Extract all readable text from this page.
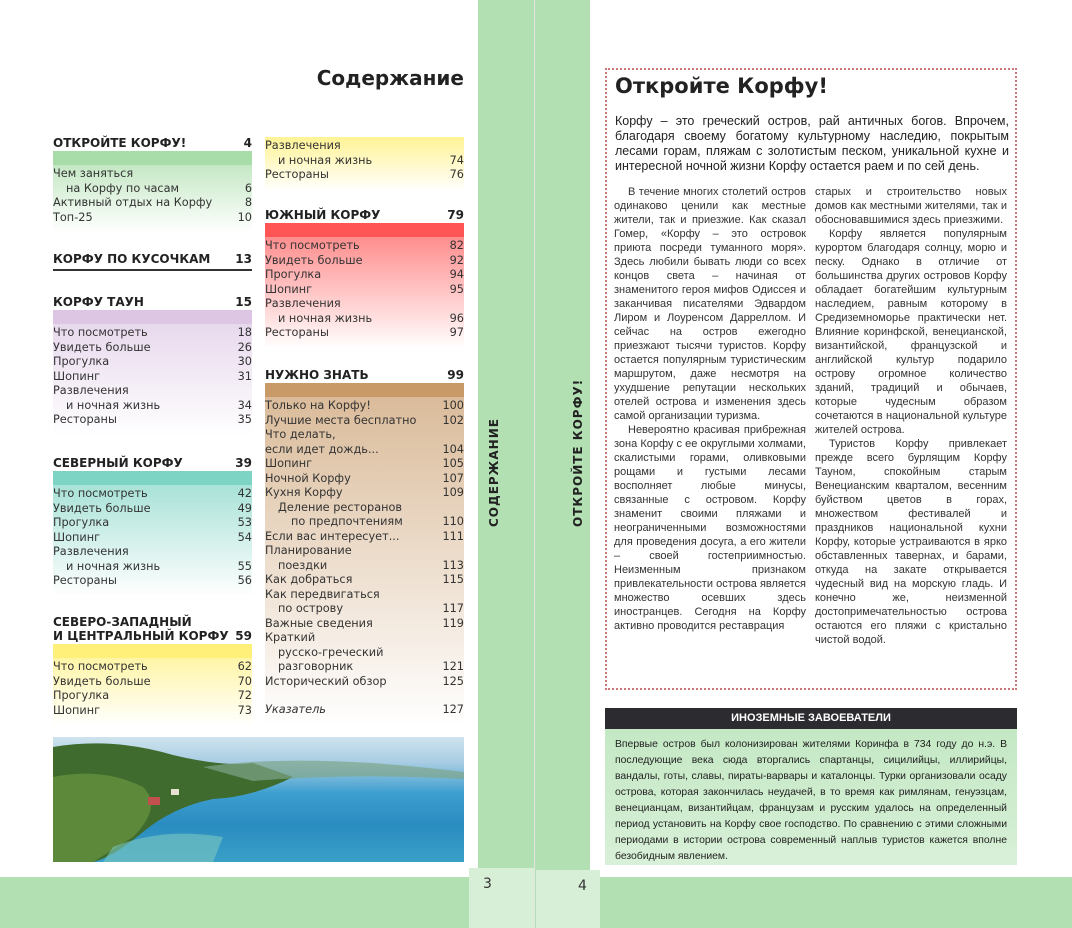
3	4
СОДЕРЖАНИЕ	ОТКРОЙТЕ КОРФУ!
Содержание
ОТКРОЙТЕ КОРФУ!	4
Чем заняться
на Корфу по часам	6
Активный отдых на Корфу	8
Топ-25	10
КОРФУ ПО КУСОЧКАМ 13
КОРФУ ТАУН	15
Что посмотреть	18
Увидеть больше	26
Прогулка	30
Шопинг	31
Развлечения
и ночная жизнь	34
Рестораны	35
СЕВЕРНЫЙ КОРФУ	39
Что посмотреть	42
Увидеть больше	49
Прогулка	53
Шопинг	54
Развлечения
и ночная жизнь	55
Рестораны	56
СЕВЕРО-ЗАПАДНЫЙ
И ЦЕНТРАЛЬНЫЙ КОРФУ 59
Что посмотреть	62
Увидеть больше	70
Прогулка	72
Шопинг	73
Развлечения
и ночная жизнь	74
Рестораны	76
ЮЖНЫЙ КОРФУ	79
Что посмотреть	82
Увидеть больше	92
Прогулка	94
Шопинг	95
Развлечения
и ночная жизнь	96
Рестораны	97
НУЖНО ЗНАТЬ	99
Только на Корфу!	100
Лучшие места бесплатно 102
Что делать,
если идет дождь...	104
Шопинг	105
Ночной Корфу	107
Кухня Корфу	109
Деление ресторанов
по предпочтениям	110
Если вас интересует...	111
Планирование
поездки	113
Как добраться	115
Как передвигаться
по острову	117
Важные сведения	119
Краткий
русско-греческий
разговорник	121
Исторический обзор	125
Указатель	127
Откройте Корфу!
Корфу – это греческий остров, рай античных богов. Впрочем, благодаря своему богатому культурному наследию, покрытым лесами горам, пляжам с золотистым песком, уникальной кухне и интересной ночной жизни Корфу остается раем и по сей день.

В течение многих столетий остров одинаково ценили как местные жители, так и приезжие. Как сказал Гомер, «Корфу – это островок приюта посреди туманного моря». Здесь любили бывать люди со всех концов света – начиная от знаменитого героя мифов Одиссея и заканчивая писателями Эдвардом Лиром и Лоуренсом Дарреллом. И сейчас на остров ежегодно приезжают тысячи туристов. Корфу остается популярным туристическим маршрутом, даже несмотря на ухудшение репутации нескольких отелей острова и изменения здесь самой организации туризма.

Невероятно красивая прибрежная зона Корфу с ее округлыми холмами, скалистыми горами, оливковыми рощами и густыми лесами восполняет любые минусы, связанные с островом. Корфу знаменит своими пляжами и неограниченными возможностями для проведения досуга, а его жители – своей гостеприимностью. Неизменным признаком привлекательности острова является множество осевших здесь иностранцев. Сегодня на Корфу активно проводится реставрация

старых и строительство новых домов как местными жителями, так и обосновавшимися здесь приезжими.

Корфу является популярным курортом благодаря солнцу, морю и песку. Однако в отличие от большинства других островов Корфу обладает богатейшим культурным наследием, равным которому в Средиземноморье практически нет. Влияние коринфской, венецианской, византийской, французской и английской культур подарило острову огромное количество зданий, традиций и обычаев, которые чудесным образом сочетаются в национальной культуре жителей острова.

Туристов Корфу привлекает прежде всего бурлящим Корфу Тауном, спокойным старым Венецианским кварталом, весенним буйством цветов в горах, множеством фестивалей и праздников национальной кухни Корфу, которые устраиваются в ярко обставленных тавернах, и барами, откуда на закате открывается чудесный вид на морскую гладь. И конечно же, неизменной достопримечательностью острова остаются его пляжи с кристально чистой водой.

ИНОЗЕМНЫЕ ЗАВОЕВАТЕЛИ
Впервые остров был колонизирован жителями Коринфа в 734 году до н.э. В последующие века сюда вторгались спартанцы, сицилийцы, иллирийцы, вандалы, готы, славы, пираты-варвары и каталонцы. Турки организовали осаду острова, которая закончилась неудачей, в то время как римлянам, генуэзцам, венецианцам, византийцам, французам и русским удалось на определенный период установить на Корфу свое господство. По сравнению с этими сложными периодами в истории острова современный наплыв туристов кажется вполне безобидным явлением.
